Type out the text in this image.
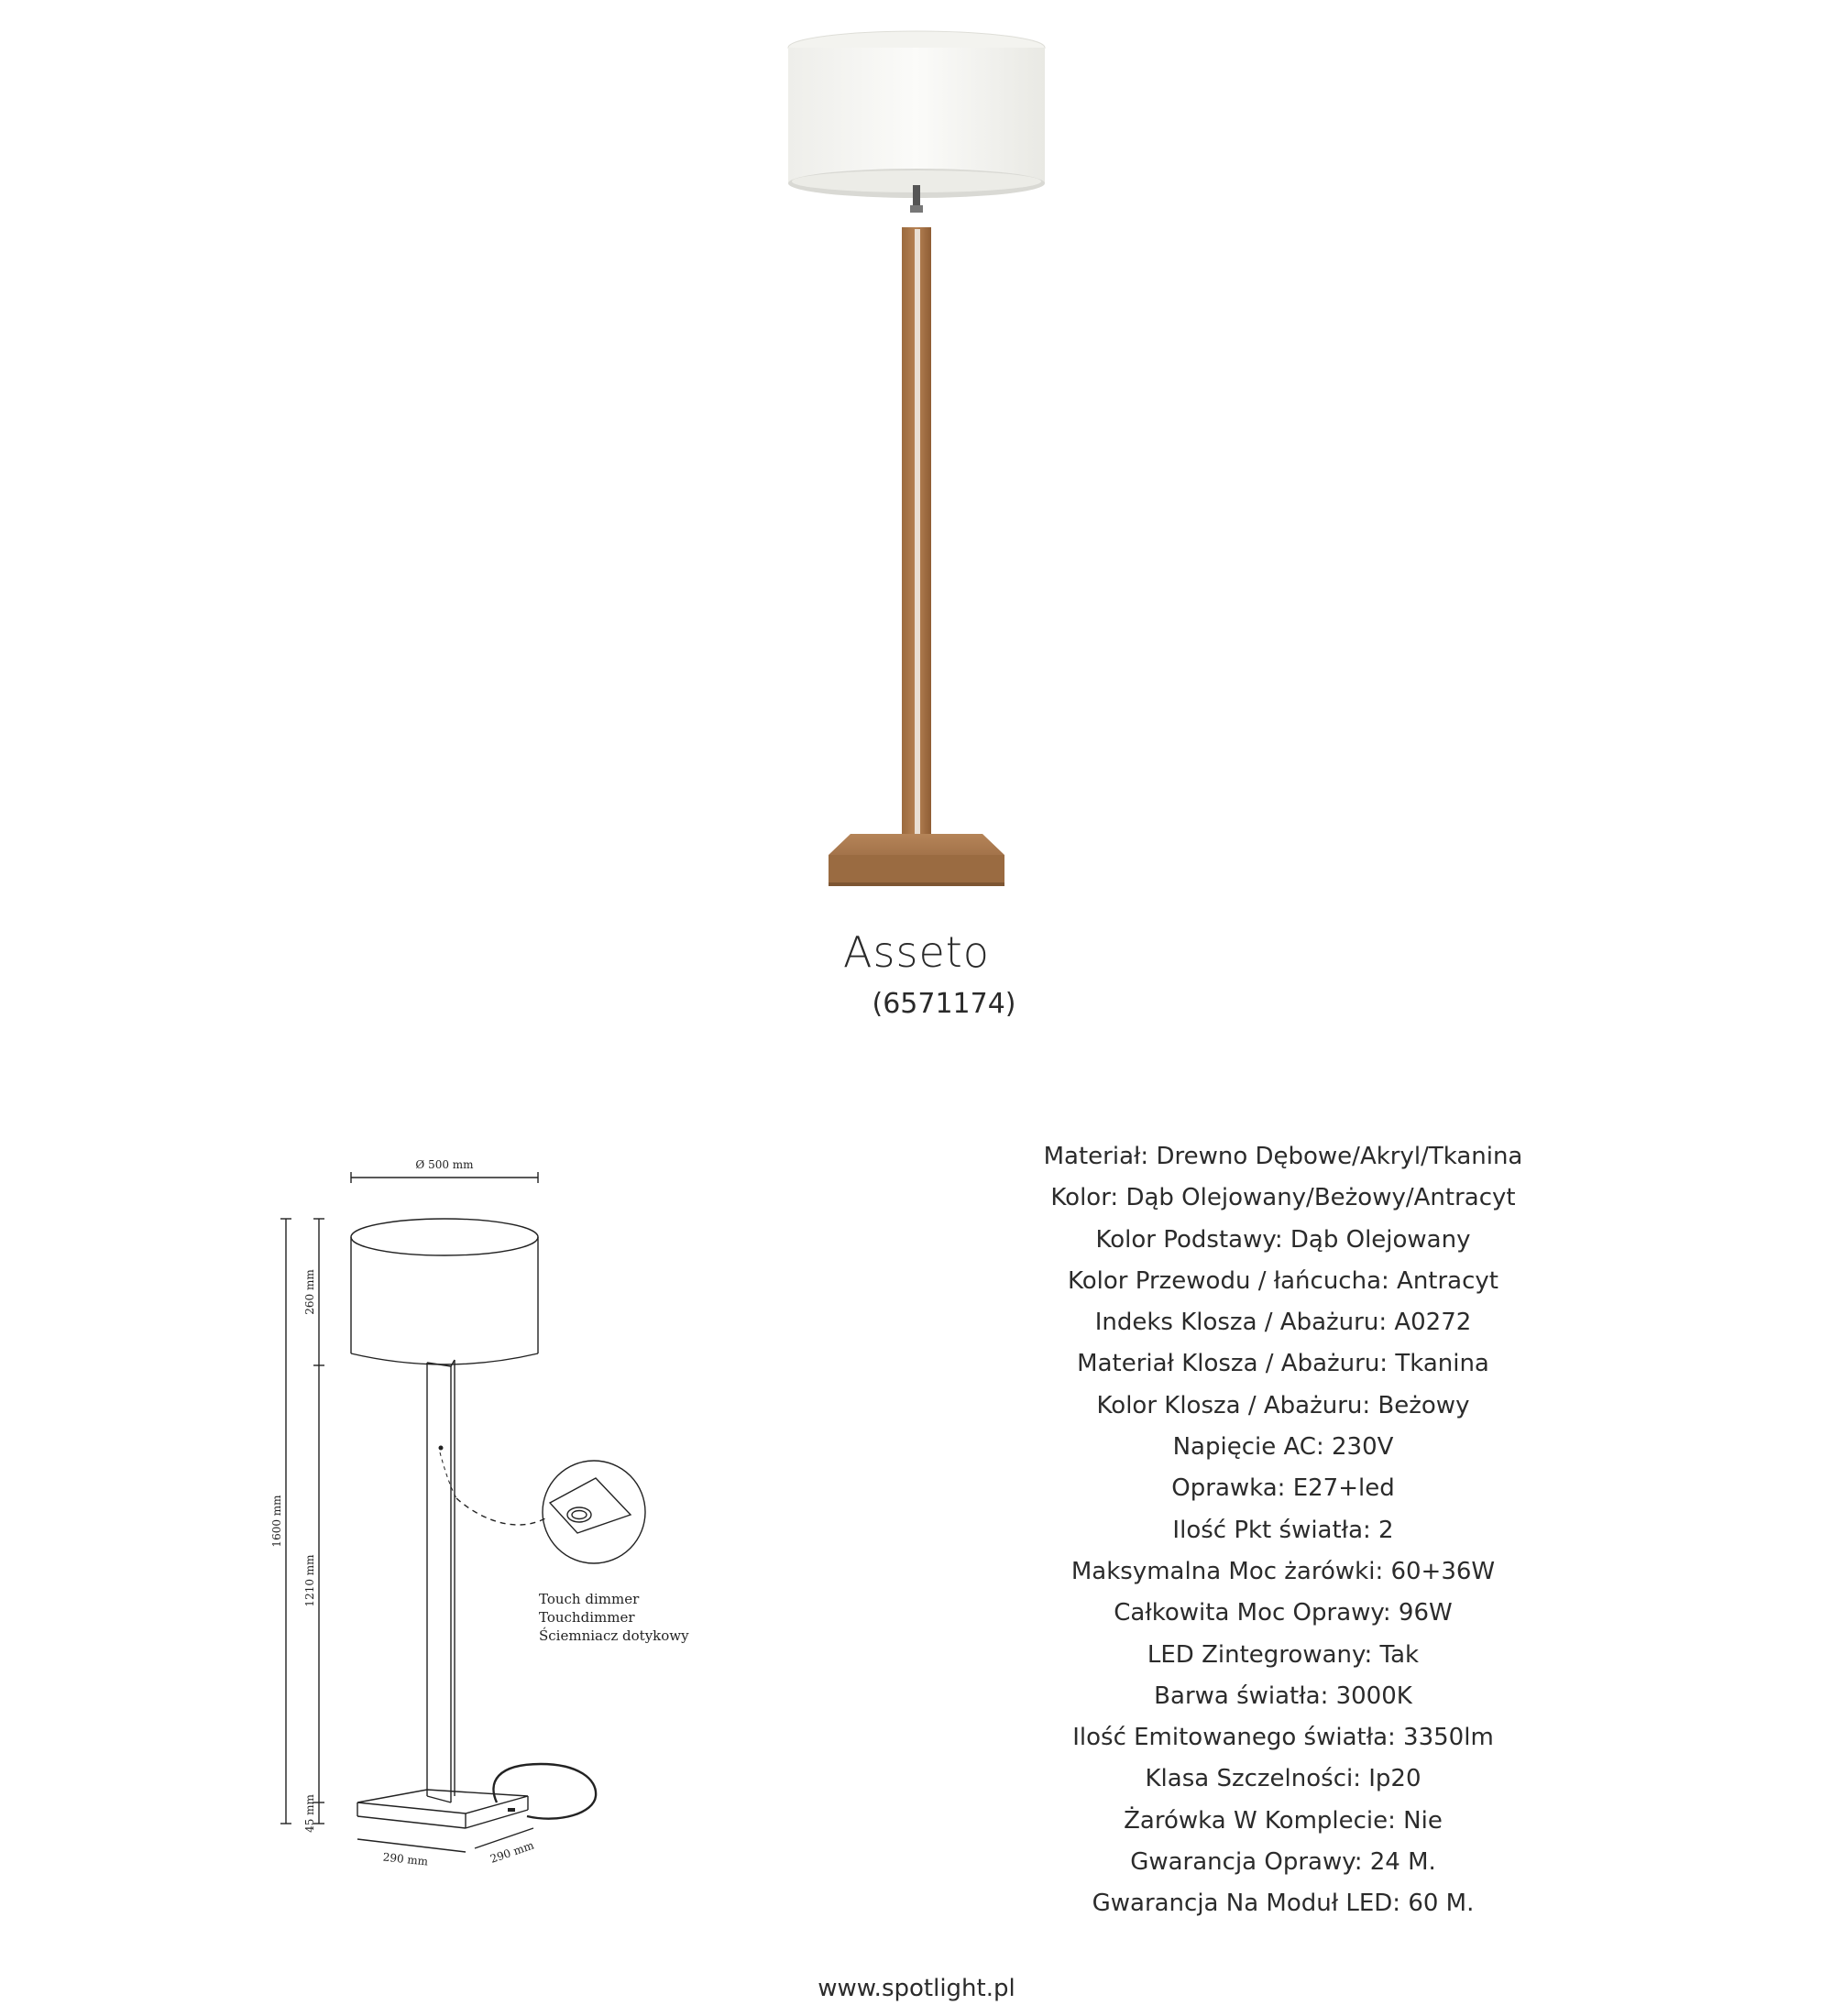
Asseto
(6571174)
Ø 500 mm
260 mm
1600 mm
1210 mm
45 mm
290 mm	290 mm
Touch dimmer
Touchdimmer
Ściemniacz dotykowy
Materiał: Drewno Dębowe/Akryl/Tkanina
Kolor: Dąb Olejowany/Beżowy/Antracyt
Kolor Podstawy: Dąb Olejowany
Kolor Przewodu / łańcucha: Antracyt
Indeks Klosza / Abażuru: A0272
Materiał Klosza / Abażuru: Tkanina
Kolor Klosza / Abażuru: Beżowy
Napięcie AC: 230V
Oprawka: E27+led
Ilość Pkt światła: 2
Maksymalna Moc żarówki: 60+36W
Całkowita Moc Oprawy: 96W
LED Zintegrowany: Tak
Barwa światła: 3000K
Ilość Emitowanego światła: 3350lm
Klasa Szczelności: Ip20
Żarówka W Komplecie: Nie
Gwarancja Oprawy: 24 M.
Gwarancja Na Moduł LED: 60 M.
www.spotlight.pl
